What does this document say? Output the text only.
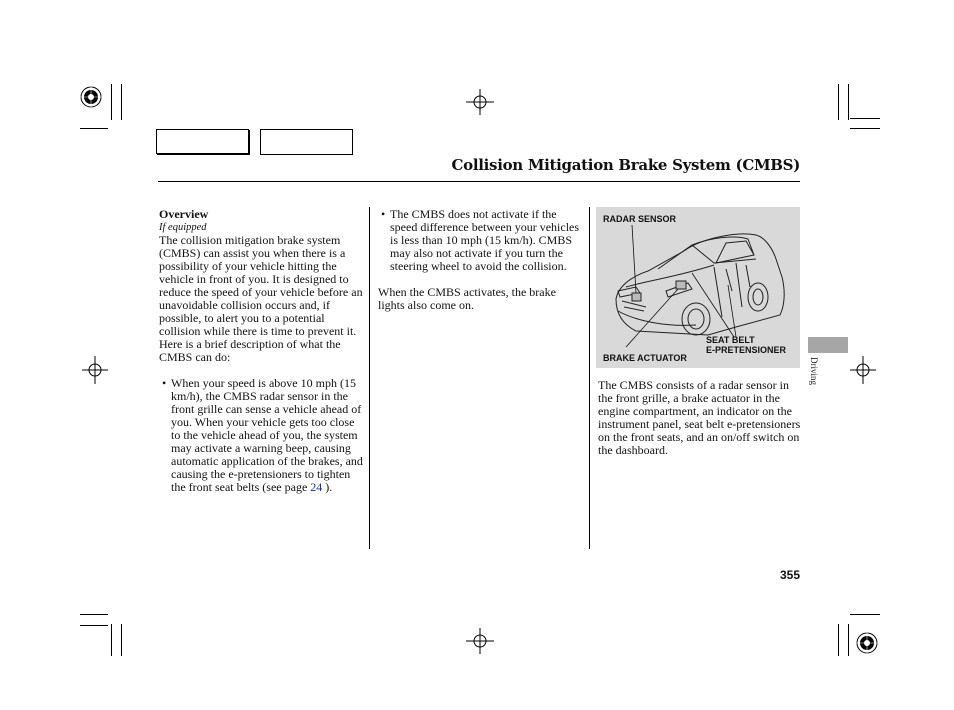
Collision Mitigation Brake System (CMBS)

Overview

If equipped

The collision mitigation brake system (CMBS) can assist you when there is a possibility of your vehicle hitting the vehicle in front of you. It is designed to reduce the speed of your vehicle before an unavoidable collision occurs and, if possible, to alert you to a potential collision while there is time to prevent it. Here is a brief description of what the CMBS can do:

• When your speed is above 10 mph (15 km/h), the CMBS radar sensor in the front grille can sense a vehicle ahead of you. When your vehicle gets too close to the vehicle ahead of you, the system may activate a warning beep, causing automatic application of the brakes, and causing the e-pretensioners to tighten the front seat belts (see page 24 ).
• The CMBS does not activate if the speed difference between your vehicles is less than 10 mph (15 km/h). CMBS may also not activate if you turn the steering wheel to avoid the collision.

When the CMBS activates, the brake lights also come on.

RADAR SENSOR
SEAT BELT
E-PRETENSIONER
BRAKE ACTUATOR

The CMBS consists of a radar sensor in the front grille, a brake actuator in the engine compartment, an indicator on the instrument panel, seat belt e-pretensioners on the front seats, and an on/off switch on the dashboard.

Driving
355
